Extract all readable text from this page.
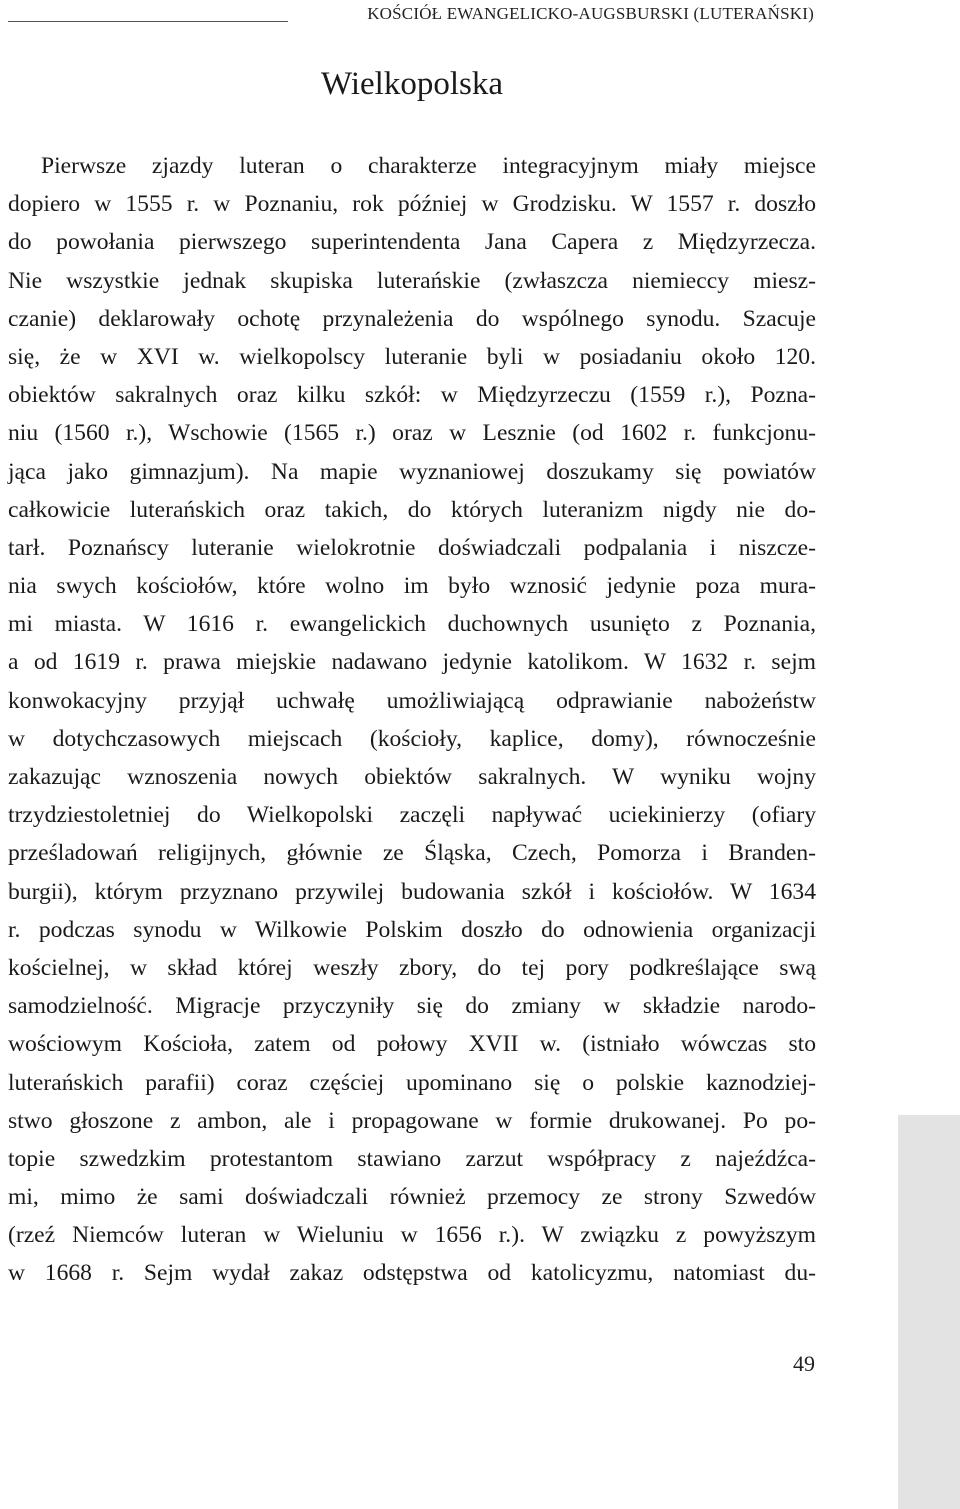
KOŚCIÓŁ EWANGELICKO-AUGSBURSKI (LUTERAŃSKI)
Wielkopolska

Pierwsze zjazdy luteran o charakterze integracyjnym miały miejsce
dopiero w 1555 r. w Poznaniu, rok później w Grodzisku. W 1557 r. doszło
do powołania pierwszego superintendenta Jana Capera z Międzyrzecza.
Nie wszystkie jednak skupiska luterańskie (zwłaszcza niemieccy miesz-
czanie) deklarowały ochotę przynależenia do wspólnego synodu. Szacuje
się, że w XVI w. wielkopolscy luteranie byli w posiadaniu około 120.
obiektów sakralnych oraz kilku szkół: w Międzyrzeczu (1559 r.), Pozna-
niu (1560 r.), Wschowie (1565 r.) oraz w Lesznie (od 1602 r. funkcjonu-
jąca jako gimnazjum). Na mapie wyznaniowej doszukamy się powiatów
całkowicie luterańskich oraz takich, do których luteranizm nigdy nie do-
tarł. Poznańscy luteranie wielokrotnie doświadczali podpalania i niszcze-
nia swych kościołów, które wolno im było wznosić jedynie poza mura-
mi miasta. W 1616 r. ewangelickich duchownych usunięto z Poznania,
a od 1619 r. prawa miejskie nadawano jedynie katolikom. W 1632 r. sejm
konwokacyjny przyjął uchwałę umożliwiającą odprawianie nabożeństw
w dotychczasowych miejscach (kościoły, kaplice, domy), równocześnie
zakazując wznoszenia nowych obiektów sakralnych. W wyniku wojny
trzydziestoletniej do Wielkopolski zaczęli napływać uciekinierzy (ofiary
prześladowań religijnych, głównie ze Śląska, Czech, Pomorza i Branden-
burgii), którym przyznano przywilej budowania szkół i kościołów. W 1634
r. podczas synodu w Wilkowie Polskim doszło do odnowienia organizacji
kościelnej, w skład której weszły zbory, do tej pory podkreślające swą
samodzielność. Migracje przyczyniły się do zmiany w składzie narodo-
wościowym Kościoła, zatem od połowy XVII w. (istniało wówczas sto
luterańskich parafii) coraz częściej upominano się o polskie kaznodziej-
stwo głoszone z ambon, ale i propagowane w formie drukowanej. Po po-
topie szwedzkim protestantom stawiano zarzut współpracy z najeźdźca-
mi, mimo że sami doświadczali również przemocy ze strony Szwedów
(rzeź Niemców luteran w Wieluniu w 1656 r.). W związku z powyższym
w 1668 r. Sejm wydał zakaz odstępstwa od katolicyzmu, natomiast du-

49
